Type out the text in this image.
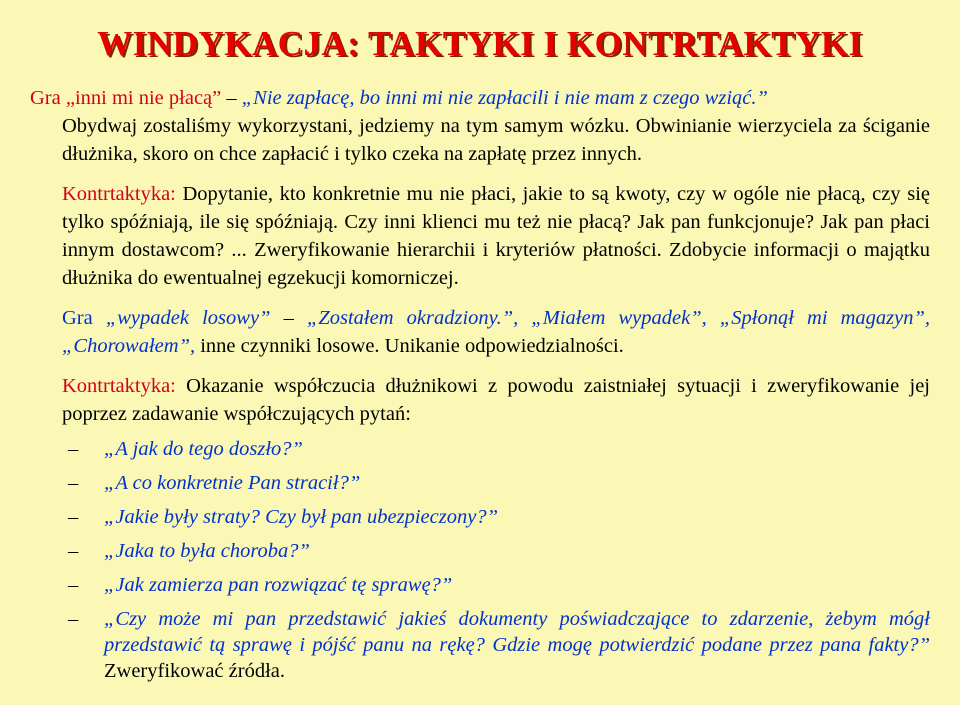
WINDYKACJA: TAKTYKI I KONTRTAKTYKI
Gra „inni mi nie płacą” – „Nie zapłacę, bo inni mi nie zapłacili i nie mam z czego wziąć.”
Obydwaj zostaliśmy wykorzystani, jedziemy na tym samym wózku. Obwinianie wierzyciela za ściganie dłużnika, skoro on chce zapłacić i tylko czeka na zapłatę przez innych.
Kontrtaktyka: Dopytanie, kto konkretnie mu nie płaci, jakie to są kwoty, czy w ogóle nie płacą, czy się tylko spóźniają, ile się spóźniają. Czy inni klienci mu też nie płacą? Jak pan funkcjonuje? Jak pan płaci innym dostawcom? ... Zweryfikowanie hierarchii i kryteriów płatności. Zdobycie informacji o majątku dłużnika do ewentualnej egzekucji komorniczej.
Gra „wypadek losowy” – „Zostałem okradziony.”, „Miałem wypadek”, „Spłonął mi magazyn”, „Chorowałem”, inne czynniki losowe. Unikanie odpowiedzialności.
Kontrtaktyka: Okazanie współczucia dłużnikowi z powodu zaistniałej sytuacji i zweryfikowanie jej poprzez zadawanie współczujących pytań:
– „A jak do tego doszło?”
– „A co konkretnie Pan stracił?”
– „Jakie były straty? Czy był pan ubezpieczony?”
– „Jaka to była choroba?”
– „Jak zamierza pan rozwiązać tę sprawę?”
– „Czy może mi pan przedstawić jakieś dokumenty poświadczające to zdarzenie, żebym mógł przedstawić tą sprawę i pójść panu na rękę? Gdzie mogę potwierdzić podane przez pana fakty?” Zweryfikować źródła.
